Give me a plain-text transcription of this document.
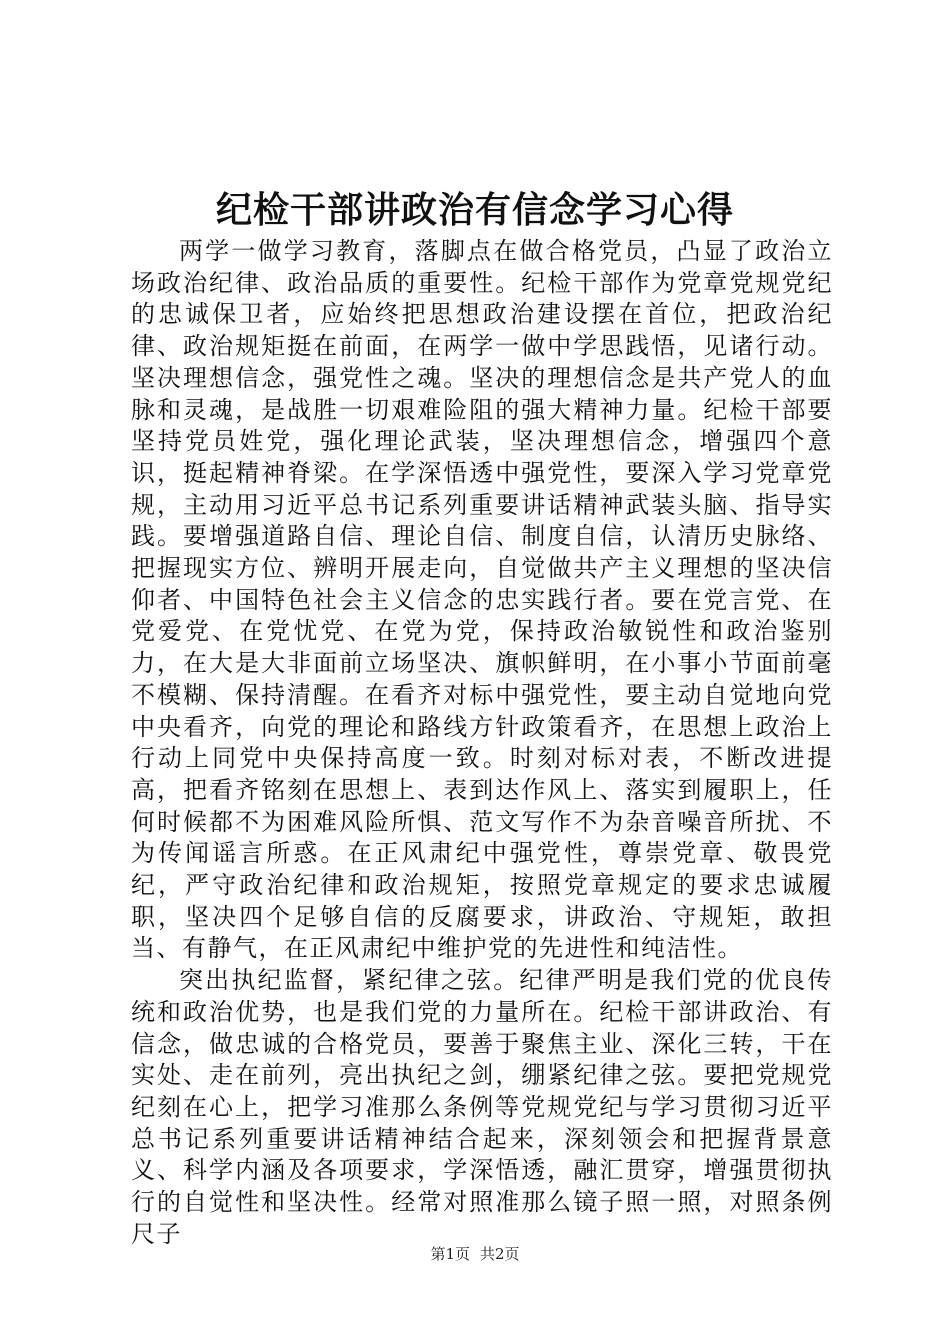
纪检干部讲政治有信念学习心得

两学一做学习教育，落脚点在做合格党员，凸显了政治立场政治纪律、政治品质的重要性。纪检干部作为党章党规党纪的忠诚保卫者，应始终把思想政治建设摆在首位，把政治纪律、政治规矩挺在前面，在两学一做中学思践悟，见诸行动。坚决理想信念，强党性之魂。坚决的理想信念是共产党人的血脉和灵魂，是战胜一切艰难险阻的强大精神力量。纪检干部要坚持党员姓党，强化理论武装，坚决理想信念，增强四个意识，挺起精神脊梁。在学深悟透中强党性，要深入学习党章党规，主动用习近平总书记系列重要讲话精神武装头脑、指导实践。要增强道路自信、理论自信、制度自信，认清历史脉络、把握现实方位、辨明开展走向，自觉做共产主义理想的坚决信仰者、中国特色社会主义信念的忠实践行者。要在党言党、在党爱党、在党忧党、在党为党，保持政治敏锐性和政治鉴别力，在大是大非面前立场坚决、旗帜鲜明，在小事小节面前毫不模糊、保持清醒。在看齐对标中强党性，要主动自觉地向党中央看齐，向党的理论和路线方针政策看齐，在思想上政治上行动上同党中央保持高度一致。时刻对标对表，不断改进提高，把看齐铭刻在思想上、表到达作风上、落实到履职上，任何时候都不为困难风险所惧、范文写作不为杂音噪音所扰、不为传闻谣言所惑。在正风肃纪中强党性，尊崇党章、敬畏党纪，严守政治纪律和政治规矩，按照党章规定的要求忠诚履职，坚决四个足够自信的反腐要求，讲政治、守规矩，敢担当、有静气，在正风肃纪中维护党的先进性和纯洁性。

突出执纪监督，紧纪律之弦。纪律严明是我们党的优良传统和政治优势，也是我们党的力量所在。纪检干部讲政治、有信念，做忠诚的合格党员，要善于聚焦主业、深化三转，干在实处、走在前列，亮出执纪之剑，绷紧纪律之弦。要把党规党纪刻在心上，把学习准那么条例等党规党纪与学习贯彻习近平总书记系列重要讲话精神结合起来，深刻领会和把握背景意义、科学内涵及各项要求，学深悟透，融汇贯穿，增强贯彻执行的自觉性和坚决性。经常对照准那么镜子照一照，对照条例尺子

第1页 共2页
